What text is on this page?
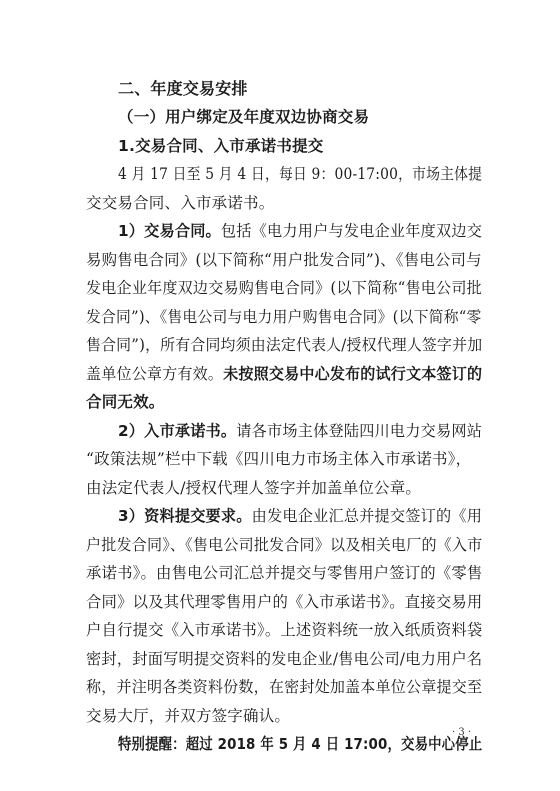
二、年度交易安排
（一）用户绑定及年度双边协商交易
1.交易合同、入市承诺书提交
4 月 17 日至 5 月 4 日，每日 9：00-17:00，市场主体提
交交易合同、入市承诺书。
1）交易合同。包括《电力用户与发电企业年度双边交
易购售电合同》(以下简称“用户批发合同”)、《售电公司与
发电企业年度双边交易购售电合同》(以下简称“售电公司批
发合同”)、《售电公司与电力用户购售电合同》(以下简称“零
售合同”)，所有合同均须由法定代表人/授权代理人签字并加
盖单位公章方有效。未按照交易中心发布的试行文本签订的
合同无效。
2）入市承诺书。请各市场主体登陆四川电力交易网站
“政策法规”栏中下载《四川电力市场主体入市承诺书》，
由法定代表人/授权代理人签字并加盖单位公章。
3）资料提交要求。由发电企业汇总并提交签订的《用
户批发合同》、《售电公司批发合同》以及相关电厂的《入市
承诺书》。由售电公司汇总并提交与零售用户签订的《零售
合同》以及其代理零售用户的《入市承诺书》。直接交易用
户自行提交《入市承诺书》。上述资料统一放入纸质资料袋
密封，封面写明提交资料的发电企业/售电公司/电力用户名
称，并注明各类资料份数，在密封处加盖本单位公章提交至
交易大厅，并双方签字确认。
特别提醒：超过 2018 年 5 月 4 日 17:00，交易中心停止
· 3 ·
